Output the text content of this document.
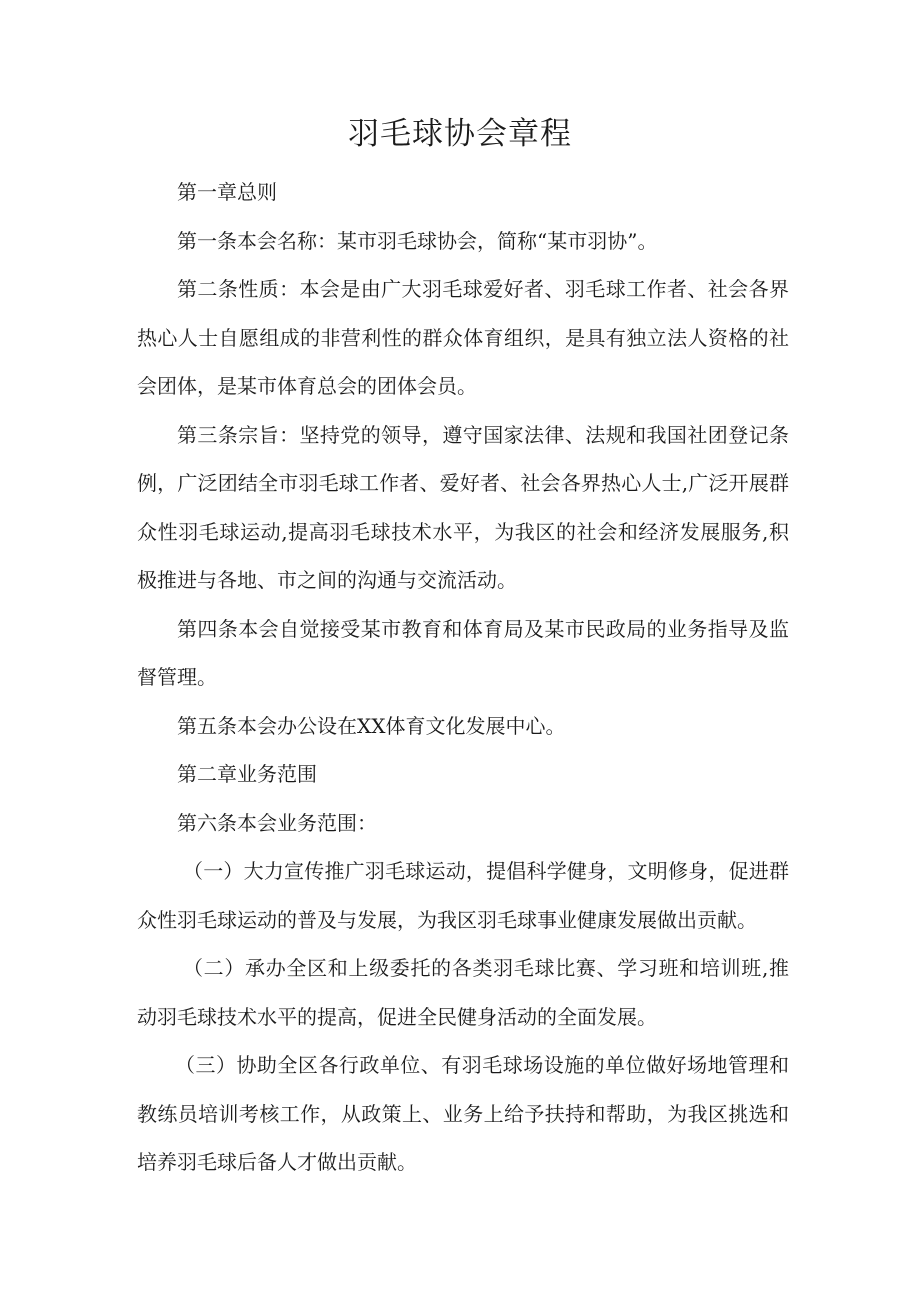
羽毛球协会章程

第一章总则

第一条本会名称：某市羽毛球协会，简称“某市羽协”。

第二条性质：本会是由广大羽毛球爱好者、羽毛球工作者、社会各界热心人士自愿组成的非营利性的群众体育组织，是具有独立法人资格的社会团体，是某市体育总会的团体会员。

第三条宗旨：坚持党的领导，遵守国家法律、法规和我国社团登记条例，广泛团结全市羽毛球工作者、爱好者、社会各界热心人士,广泛开展群众性羽毛球运动,提高羽毛球技术水平，为我区的社会和经济发展服务,积极推进与各地、市之间的沟通与交流活动。

第四条本会自觉接受某市教育和体育局及某市民政局的业务指导及监督管理。

第五条本会办公设在XX体育文化发展中心。

第二章业务范围

第六条本会业务范围：

（一）大力宣传推广羽毛球运动，提倡科学健身，文明修身，促进群众性羽毛球运动的普及与发展，为我区羽毛球事业健康发展做出贡献。

（二）承办全区和上级委托的各类羽毛球比赛、学习班和培训班,推动羽毛球技术水平的提高，促进全民健身活动的全面发展。

（三）协助全区各行政单位、有羽毛球场设施的单位做好场地管理和教练员培训考核工作，从政策上、业务上给予扶持和帮助，为我区挑选和培养羽毛球后备人才做出贡献。
